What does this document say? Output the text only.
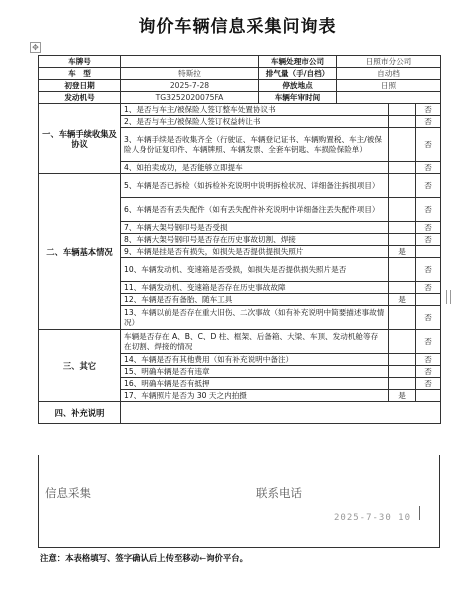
询价车辆信息采集问询表
✥
车牌号		车辆处理市公司	日照市分公司		
车　型	特斯拉	排气量（手/自档）	自动档		
初登日期	2025-7-28	停放地点	日照		
发动机号	TG3252020075FA	车辆年审时间			
一、车辆手续收集及协议	1、是否与车主/被保险人签订整车处置协议书				否
	2、是否与车主/被保险人签订权益转让书				否
	3、车辆手续是否收集齐全（行驶证、车辆登记证书、车辆购置税、车主/被保险人身份证复印件、车辆牌照、车辆发票、全套车钥匙、车损险保险单）				否
	4、如拍卖成功，是否能够立即提车				否
二、车辆基本情况	5、车辆是否已拆检（如拆检补充说明中说明拆检状况、详细备注拆损项目）				否
	6、车辆是否有丢失配件（如有丢失配件补充说明中详细备注丢失配件项目）				否
	7、车辆大架号钢印号是否受损				否
	8、车辆大架号钢印号是否存在历史事故切割、焊接				否
	9、车辆是挂是否有损失，如损失是否提供提损失照片			是	
	10、车辆发动机、变速箱是否受损，如损失是否提供损失照片是否				否
	11、车辆发动机、变速箱是否存在历史事故故障				否
	12、车辆是否有备胎、随车工具			是	
	13、车辆以前是否存在重大旧伤、二次事故（如有补充说明中简要描述事故情况）				否
三、其它	车辆是否存在 A、B、C、D 柱、框架、后备箱、大梁、车顶、发动机舱等存在切割、焊接的情况				否
	14、车辆是否有其他费用（如有补充说明中备注）				否
	15、明确车辆是否有违章				否
	16、明确车辆是否有抵押				否
	17、车辆照片是否为 30 天之内拍摄			是	
四、补充说明					
信息采集	联系电话
2025-7-30 10
注意：本表格填写、签字确认后上传至移动←询价平台。
